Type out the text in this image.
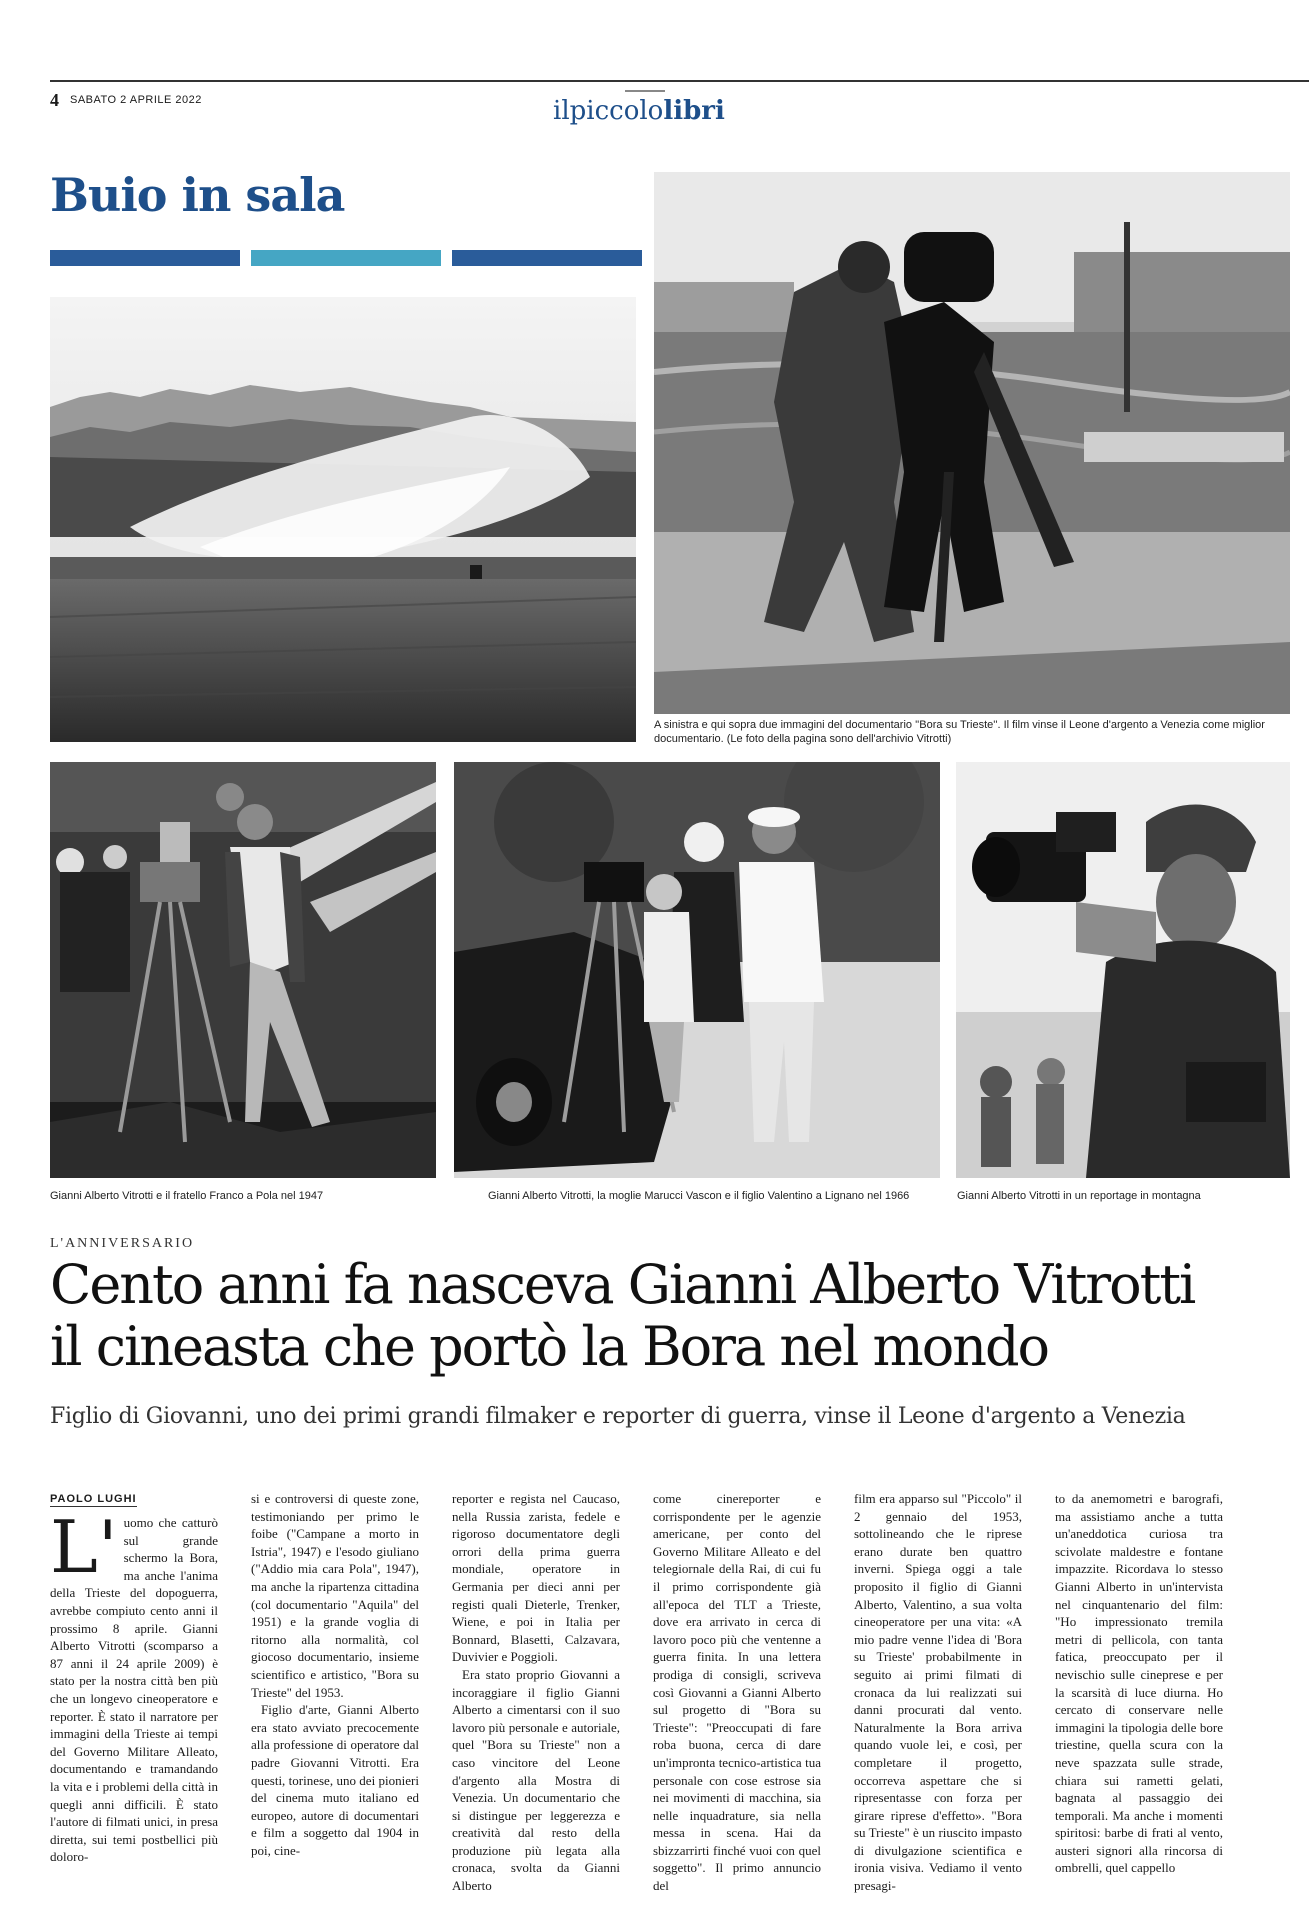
4 SABATO 2 APRILE 2022	ilpiccololibri
Buio in sala
A sinistra e qui sopra due immagini del documentario ''Bora su Trieste''. Il film vinse il Leone d'argento a Venezia come miglior documentario. (Le foto della pagina sono dell'archivio Vitrotti)
Gianni Alberto Vitrotti e il fratello Franco a Pola nel 1947	Gianni Alberto Vitrotti, la moglie Marucci Vascon e il figlio Valentino a Lignano nel 1966	Gianni Alberto Vitrotti in un reportage in montagna
L'ANNIVERSARIO
Cento anni fa nasceva Gianni Alberto Vitrotti
il cineasta che portò la Bora nel mondo
Figlio di Giovanni, uno dei primi grandi filmaker e reporter di guerra, vinse il Leone d'argento a Venezia
PAOLO LUGHI
L' uomo che catturò sul grande schermo la Bora, ma anche l'anima della Trieste del dopoguerra, avrebbe compiuto cento anni il prossimo 8 aprile. Gianni Alberto Vitrotti (scomparso a 87 anni il 24 aprile 2009) è stato per la nostra città ben più che un longevo cineoperatore e reporter. È stato il narratore per immagini della Trieste ai tempi del Governo Militare Alleato, documentando e tramandando la vita e i problemi della città in quegli anni difficili. È stato l'autore di filmati unici, in presa diretta, sui temi postbellici più doloro-

si e controversi di queste zone, testimoniando per primo le foibe ("Campane a morto in Istria", 1947) e l'esodo giuliano ("Addio mia cara Pola", 1947), ma anche la ripartenza cittadina (col documentario "Aquila" del 1951) e la grande voglia di ritorno alla normalità, col giocoso documentario, insieme scientifico e artistico, "Bora su Trieste" del 1953.

Figlio d'arte, Gianni Alberto era stato avviato precocemente alla professione di operatore dal padre Giovanni Vitrotti. Era questi, torinese, uno dei pionieri del cinema muto italiano ed europeo, autore di documentari e film a soggetto dal 1904 in poi, cine-

reporter e regista nel Caucaso, nella Russia zarista, fedele e rigoroso documentatore degli orrori della prima guerra mondiale, operatore in Germania per dieci anni per registi quali Dieterle, Trenker, Wiene, e poi in Italia per Bonnard, Blasetti, Calzavara, Duvivier e Poggioli.

Era stato proprio Giovanni a incoraggiare il figlio Gianni Alberto a cimentarsi con il suo lavoro più personale e autoriale, quel "Bora su Trieste" non a caso vincitore del Leone d'argento alla Mostra di Venezia. Un documentario che si distingue per leggerezza e creatività dal resto della produzione più legata alla cronaca, svolta da Gianni Alberto

come cinereporter e corrispondente per le agenzie americane, per conto del Governo Militare Alleato e del telegiornale della Rai, di cui fu il primo corrispondente già all'epoca del TLT a Trieste, dove era arrivato in cerca di lavoro poco più che ventenne a guerra finita. In una lettera prodiga di consigli, scriveva così Giovanni a Gianni Alberto sul progetto di "Bora su Trieste": "Preoccupati di fare roba buona, cerca di dare un'impronta tecnico-artistica tua personale con cose estrose sia nei movimenti di macchina, sia nelle inquadrature, sia nella messa in scena. Hai da sbizzarrirti finché vuoi con quel soggetto". Il primo annuncio del

film era apparso sul "Piccolo" il 2 gennaio del 1953, sottolineando che le riprese erano durate ben quattro inverni. Spiega oggi a tale proposito il figlio di Gianni Alberto, Valentino, a sua volta cineoperatore per una vita: «A mio padre venne l'idea di 'Bora su Trieste' probabilmente in seguito ai primi filmati di cronaca da lui realizzati sui danni procurati dal vento. Naturalmente la Bora arriva quando vuole lei, e così, per completare il progetto, occorreva aspettare che si ripresentasse con forza per girare riprese d'effetto». "Bora su Trieste" è un riuscito impasto di divulgazione scientifica e ironia visiva. Vediamo il vento presagi-

to da anemometri e barografi, ma assistiamo anche a tutta un'aneddotica curiosa tra scivolate maldestre e fontane impazzite. Ricordava lo stesso Gianni Alberto in un'intervista nel cinquantenario del film: "Ho impressionato tremila metri di pellicola, con tanta fatica, preoccupato per il nevischio sulle cineprese e per la scarsità di luce diurna. Ho cercato di conservare nelle immagini la tipologia delle bore triestine, quella scura con la neve spazzata sulle strade, chiara sui rametti gelati, bagnata al passaggio dei temporali. Ma anche i momenti spiritosi: barbe di frati al vento, austeri signori alla rincorsa di ombrelli, quel cappello
